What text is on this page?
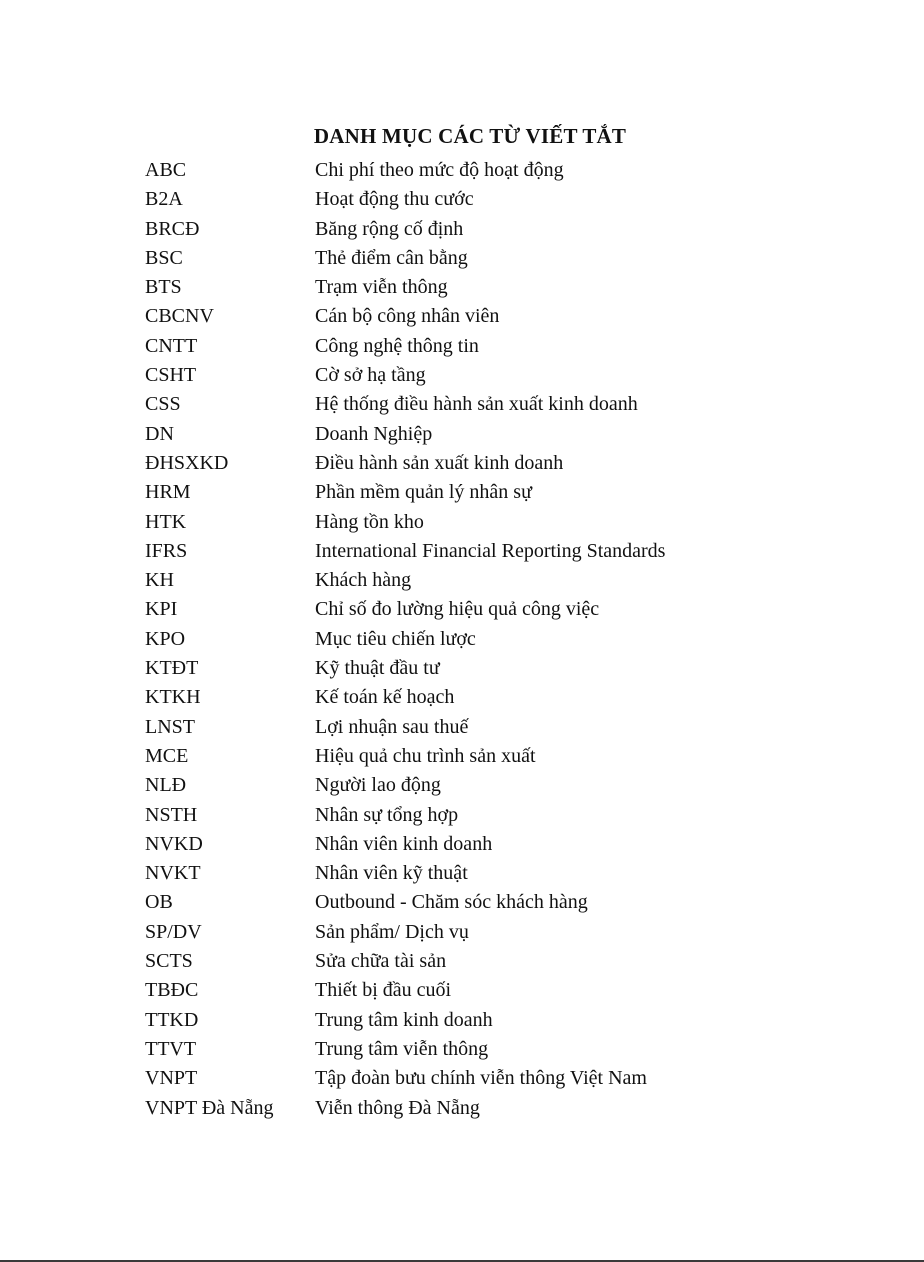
DANH MỤC CÁC TỪ VIẾT TẮT
ABC	Chi phí theo mức độ hoạt động
B2A	Hoạt động thu cước
BRCĐ	Băng rộng cố định
BSC	Thẻ điểm cân bằng
BTS	Trạm viễn thông
CBCNV	Cán bộ công nhân viên
CNTT	Công nghệ thông tin
CSHT	Cờ sở hạ tầng
CSS	Hệ thống điều hành sản xuất kinh doanh
DN	Doanh Nghiệp
ĐHSXKD	Điều hành sản xuất kinh doanh
HRM	Phần mềm quản lý nhân sự
HTK	Hàng tồn kho
IFRS	International Financial Reporting Standards
KH	Khách hàng
KPI	Chỉ số đo lường hiệu quả công việc
KPO	Mục tiêu chiến lược
KTĐT	Kỹ thuật đầu tư
KTKH	Kế toán kế hoạch
LNST	Lợi nhuận sau thuế
MCE	Hiệu quả chu trình sản xuất
NLĐ	Người lao động
NSTH	Nhân sự tổng hợp
NVKD	Nhân viên kinh doanh
NVKT	Nhân viên kỹ thuật
OB	Outbound - Chăm sóc khách hàng
SP/DV	Sản phẩm/ Dịch vụ
SCTS	Sửa chữa tài sản
TBĐC	Thiết bị đầu cuối
TTKD	Trung tâm kinh doanh
TTVT	Trung tâm viễn thông
VNPT	Tập đoàn bưu chính viễn thông Việt Nam
VNPT Đà Nẵng	Viễn thông Đà Nẵng
